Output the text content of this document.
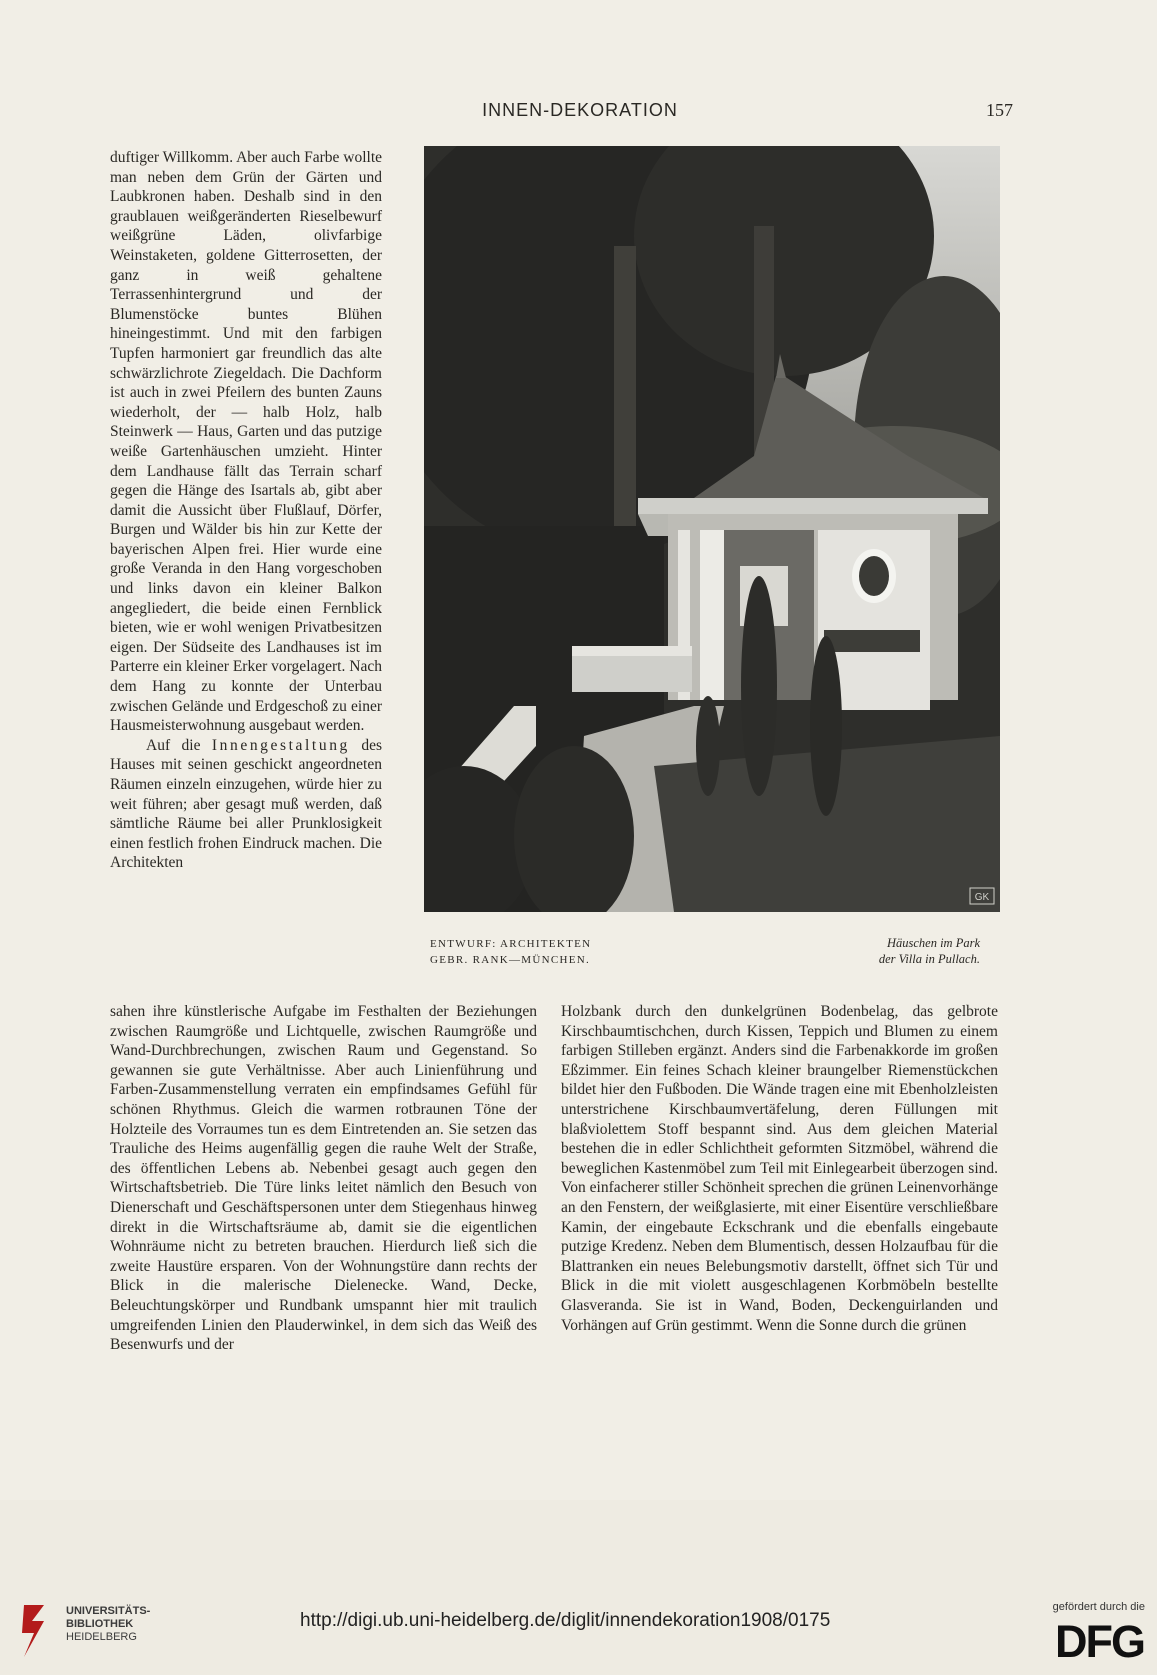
INNEN-DEKORATION	157

duftiger Willkomm. Aber auch Farbe wollte man neben dem Grün der Gärten und Laubkronen haben. Deshalb sind in den graublauen weißgeränderten Rieselbewurf weißgrüne Läden, olivfarbige Weinstaketen, goldene Gitterrosetten, der ganz in weiß gehaltene Terrassenhintergrund und der Blumenstöcke buntes Blühen hineingestimmt. Und mit den farbigen Tupfen harmoniert gar freundlich das alte schwärzlichrote Ziegeldach. Die Dachform ist auch in zwei Pfeilern des bunten Zauns wiederholt, der — halb Holz, halb Steinwerk — Haus, Garten und das putzige weiße Gartenhäuschen umzieht. Hinter dem Landhause fällt das Terrain scharf gegen die Hänge des Isartals ab, gibt aber damit die Aussicht über Flußlauf, Dörfer, Burgen und Wälder bis hin zur Kette der bayerischen Alpen frei. Hier wurde eine große Veranda in den Hang vorgeschoben und links davon ein kleiner Balkon angegliedert, die beide einen Fernblick bieten, wie er wohl wenigen Privatbesitzen eigen. Der Südseite des Landhauses ist im Parterre ein kleiner Erker vorgelagert. Nach dem Hang zu konnte der Unterbau zwischen Gelände und Erdgeschoß zu einer Hausmeisterwohnung ausgebaut werden.

Auf die Innengestaltung des Hauses mit seinen geschickt angeordneten Räumen einzeln einzugehen, würde hier zu weit führen; aber gesagt muß werden, daß sämtliche Räume bei aller Prunklosigkeit einen festlich frohen Eindruck machen. Die Architekten

GK
ENTWURF: ARCHITEKTEN
GEBR. RANK—MÜNCHEN.
Häuschen im Park
der Villa in Pullach.

sahen ihre künstlerische Aufgabe im Festhalten der Beziehungen zwischen Raumgröße und Lichtquelle, zwischen Raumgröße und Wand-Durchbrechungen, zwischen Raum und Gegenstand. So gewannen sie gute Verhältnisse. Aber auch Linienführung und Farben-Zusammenstellung verraten ein empfindsames Gefühl für schönen Rhythmus. Gleich die warmen rotbraunen Töne der Holzteile des Vorraumes tun es dem Eintretenden an. Sie setzen das Trauliche des Heims augenfällig gegen die rauhe Welt der Straße, des öffentlichen Lebens ab. Nebenbei gesagt auch gegen den Wirtschaftsbetrieb. Die Türe links leitet nämlich den Besuch von Dienerschaft und Geschäftspersonen unter dem Stiegenhaus hinweg direkt in die Wirtschaftsräume ab, damit sie die eigentlichen Wohnräume nicht zu betreten brauchen. Hierdurch ließ sich die zweite Haustüre ersparen. Von der Wohnungstüre dann rechts der Blick in die malerische Dielenecke. Wand, Decke, Beleuchtungskörper und Rundbank umspannt hier mit traulich umgreifenden Linien den Plauderwinkel, in dem sich das Weiß des Besenwurfs und der

Holzbank durch den dunkelgrünen Bodenbelag, das gelbrote Kirschbaumtischchen, durch Kissen, Teppich und Blumen zu einem farbigen Stilleben ergänzt. Anders sind die Farbenakkorde im großen Eßzimmer. Ein feines Schach kleiner braungelber Riemenstückchen bildet hier den Fußboden. Die Wände tragen eine mit Ebenholzleisten unterstrichene Kirschbaumvertäfelung, deren Füllungen mit blaßviolettem Stoff bespannt sind. Aus dem gleichen Material bestehen die in edler Schlichtheit geformten Sitzmöbel, während die beweglichen Kastenmöbel zum Teil mit Einlegearbeit überzogen sind. Von einfacherer stiller Schönheit sprechen die grünen Leinenvorhänge an den Fenstern, der weißglasierte, mit einer Eisentüre verschließbare Kamin, der eingebaute Eckschrank und die ebenfalls eingebaute putzige Kredenz. Neben dem Blumentisch, dessen Holzaufbau für die Blattranken ein neues Belebungsmotiv darstellt, öffnet sich Tür und Blick in die mit violett ausgeschlagenen Korbmöbeln bestellte Glasveranda. Sie ist in Wand, Boden, Deckenguirlanden und Vorhängen auf Grün gestimmt. Wenn die Sonne durch die grünen

UNIVERSITÄTS-
BIBLIOTHEK
HEIDELBERG
http://digi.ub.uni-heidelberg.de/diglit/innendekoration1908/0175
gefördert durch die
DFG
